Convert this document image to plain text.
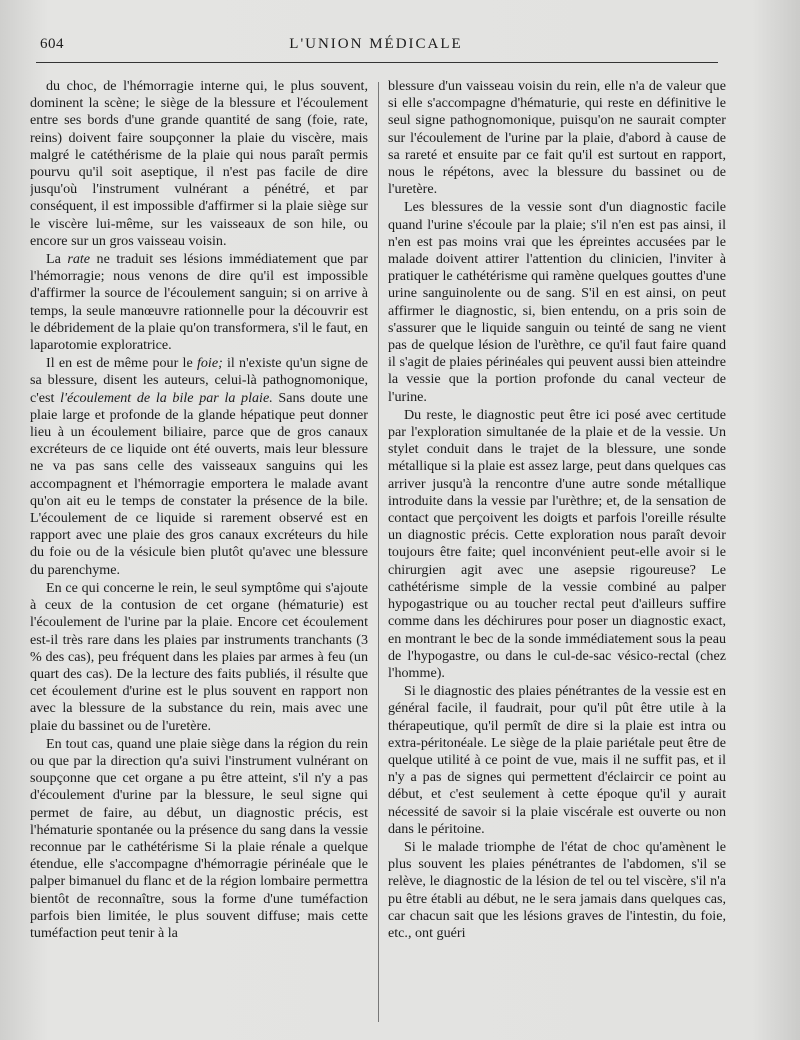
604	L'UNION MÉDICALE

du choc, de l'hémorragie interne qui, le plus souvent, dominent la scène; le siège de la blessure et l'écoulement entre ses bords d'une grande quantité de sang (foie, rate, reins) doivent faire soupçonner la plaie du viscère, mais malgré le catéthérisme de la plaie qui nous paraît permis pourvu qu'il soit aseptique, il n'est pas facile de dire jusqu'où l'instrument vulnérant a pénétré, et par conséquent, il est impossible d'affirmer si la plaie siège sur le viscère lui-même, sur les vaisseaux de son hile, ou encore sur un gros vaisseau voisin.

La rate ne traduit ses lésions immédiatement que par l'hémorragie; nous venons de dire qu'il est impossible d'affirmer la source de l'écoulement sanguin; si on arrive à temps, la seule manœuvre rationnelle pour la découvrir est le débridement de la plaie qu'on transformera, s'il le faut, en laparotomie exploratrice.

Il en est de même pour le foie; il n'existe qu'un signe de sa blessure, disent les auteurs, celui-là pathognomonique, c'est l'écoulement de la bile par la plaie. Sans doute une plaie large et profonde de la glande hépatique peut donner lieu à un écoulement biliaire, parce que de gros canaux excréteurs de ce liquide ont été ouverts, mais leur blessure ne va pas sans celle des vaisseaux sanguins qui les accompagnent et l'hémorragie emportera le malade avant qu'on ait eu le temps de constater la présence de la bile. L'écoulement de ce liquide si rarement observé est en rapport avec une plaie des gros canaux excréteurs du hile du foie ou de la vésicule bien plutôt qu'avec une blessure du parenchyme.

En ce qui concerne le rein, le seul symptôme qui s'ajoute à ceux de la contusion de cet organe (hématurie) est l'écoulement de l'urine par la plaie. Encore cet écoulement est-il très rare dans les plaies par instruments tranchants (3 % des cas), peu fréquent dans les plaies par armes à feu (un quart des cas). De la lecture des faits publiés, il résulte que cet écoulement d'urine est le plus souvent en rapport non avec la blessure de la substance du rein, mais avec une plaie du bassinet ou de l'uretère.

En tout cas, quand une plaie siège dans la région du rein ou que par la direction qu'a suivi l'instrument vulnérant on soupçonne que cet organe a pu être atteint, s'il n'y a pas d'écoulement d'urine par la blessure, le seul signe qui permet de faire, au début, un diagnostic précis, est l'hématurie spontanée ou la présence du sang dans la vessie reconnue par le cathétérisme Si la plaie rénale a quelque étendue, elle s'accompagne d'hémorragie périnéale que le palper bimanuel du flanc et de la région lombaire permettra bientôt de reconnaître, sous la forme d'une tuméfaction parfois bien limitée, le plus souvent diffuse; mais cette tuméfaction peut tenir à la

blessure d'un vaisseau voisin du rein, elle n'a de valeur que si elle s'accompagne d'hématurie, qui reste en définitive le seul signe pathognomonique, puisqu'on ne saurait compter sur l'écoulement de l'urine par la plaie, d'abord à cause de sa rareté et ensuite par ce fait qu'il est surtout en rapport, nous le répétons, avec la blessure du bassinet ou de l'uretère.

Les blessures de la vessie sont d'un diagnostic facile quand l'urine s'écoule par la plaie; s'il n'en est pas ainsi, il n'en est pas moins vrai que les épreintes accusées par le malade doivent attirer l'attention du clinicien, l'inviter à pratiquer le cathétérisme qui ramène quelques gouttes d'une urine sanguinolente ou de sang. S'il en est ainsi, on peut affirmer le diagnostic, si, bien entendu, on a pris soin de s'assurer que le liquide sanguin ou teinté de sang ne vient pas de quelque lésion de l'urèthre, ce qu'il faut faire quand il s'agit de plaies périnéales qui peuvent aussi bien atteindre la vessie que la portion profonde du canal vecteur de l'urine.

Du reste, le diagnostic peut être ici posé avec certitude par l'exploration simultanée de la plaie et de la vessie. Un stylet conduit dans le trajet de la blessure, une sonde métallique si la plaie est assez large, peut dans quelques cas arriver jusqu'à la rencontre d'une autre sonde métallique introduite dans la vessie par l'urèthre; et, de la sensation de contact que perçoivent les doigts et parfois l'oreille résulte un diagnostic précis. Cette exploration nous paraît devoir toujours être faite; quel inconvénient peut-elle avoir si le chirurgien agit avec une asepsie rigoureuse? Le cathétérisme simple de la vessie combiné au palper hypogastrique ou au toucher rectal peut d'ailleurs suffire comme dans les déchirures pour poser un diagnostic exact, en montrant le bec de la sonde immédiatement sous la peau de l'hypogastre, ou dans le cul-de-sac vésico-rectal (chez l'homme).

Si le diagnostic des plaies pénétrantes de la vessie est en général facile, il faudrait, pour qu'il pût être utile à la thérapeutique, qu'il permît de dire si la plaie est intra ou extra-péritonéale. Le siège de la plaie pariétale peut être de quelque utilité à ce point de vue, mais il ne suffit pas, et il n'y a pas de signes qui permettent d'éclaircir ce point au début, et c'est seulement à cette époque qu'il y aurait nécessité de savoir si la plaie viscérale est ouverte ou non dans le péritoine.

Si le malade triomphe de l'état de choc qu'amènent le plus souvent les plaies pénétrantes de l'abdomen, s'il se relève, le diagnostic de la lésion de tel ou tel viscère, s'il n'a pu être établi au début, ne le sera jamais dans quelques cas, car chacun sait que les lésions graves de l'intestin, du foie, etc., ont guéri
